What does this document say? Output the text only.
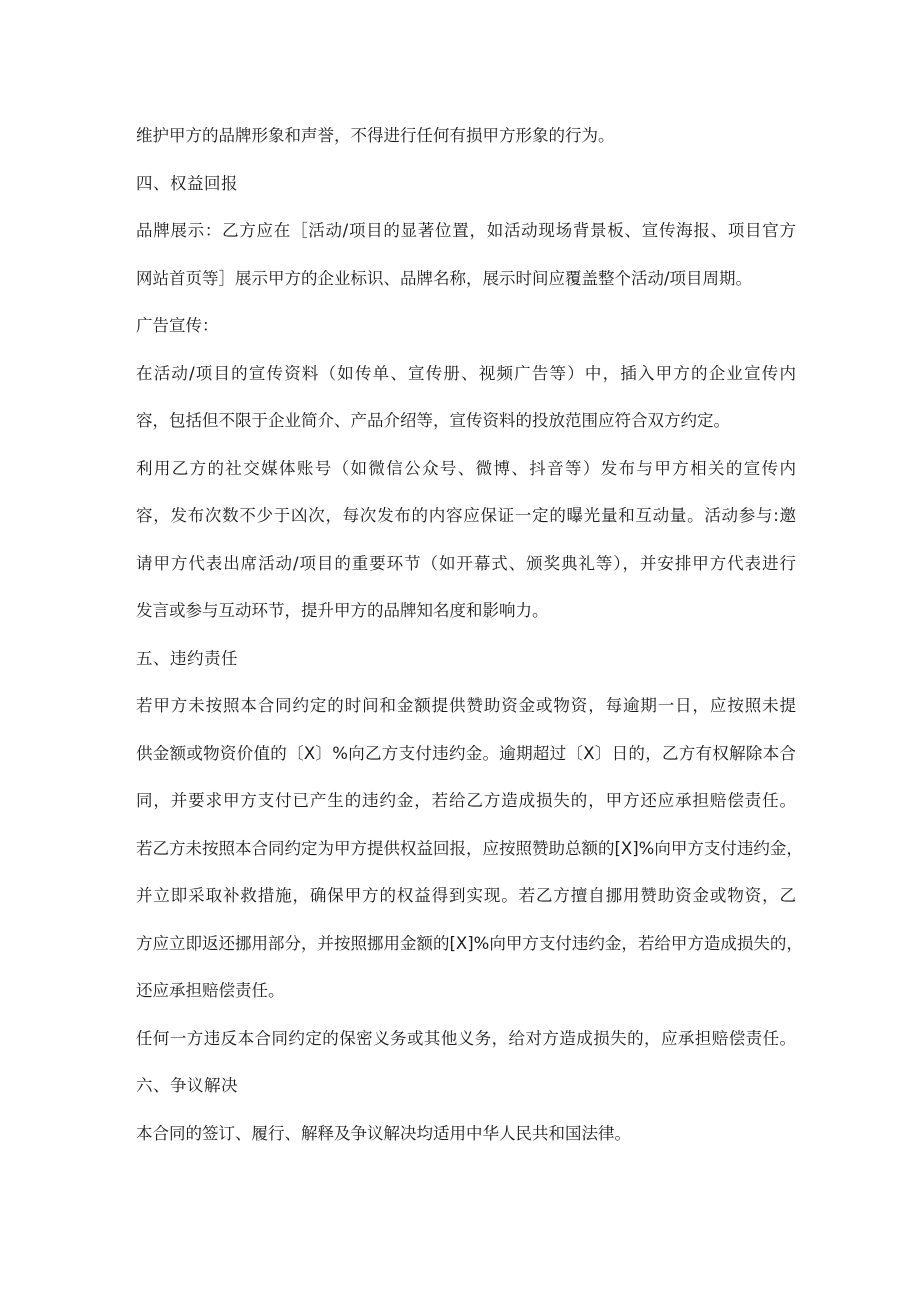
维护甲方的品牌形象和声誉，不得进行任何有损甲方形象的行为。
四、权益回报
品牌展示：乙方应在［活动/项目的显著位置，如活动现场背景板、宣传海报、项目官方
网站首页等］展示甲方的企业标识、品牌名称，展示时间应覆盖整个活动/项目周期。
广告宣传：
在活动/项目的宣传资料（如传单、宣传册、视频广告等）中，插入甲方的企业宣传内
容，包括但不限于企业简介、产品介绍等，宣传资料的投放范围应符合双方约定。
利用乙方的社交媒体账号（如微信公众号、微博、抖音等）发布与甲方相关的宣传内
容，发布次数不少于凶次，每次发布的内容应保证一定的曝光量和互动量。活动参与:邀
请甲方代表出席活动/项目的重要环节（如开幕式、颁奖典礼等），并安排甲方代表进行
发言或参与互动环节，提升甲方的品牌知名度和影响力。
五、违约责任
若甲方未按照本合同约定的时间和金额提供赞助资金或物资，每逾期一日，应按照未提
供金额或物资价值的〔X〕%向乙方支付违约金。逾期超过〔X〕日的，乙方有权解除本合
同，并要求甲方支付已产生的违约金，若给乙方造成损失的，甲方还应承担赔偿责任。
若乙方未按照本合同约定为甲方提供权益回报，应按照赞助总额的[X]%向甲方支付违约金，
并立即采取补救措施，确保甲方的权益得到实现。若乙方擅自挪用赞助资金或物资，乙
方应立即返还挪用部分，并按照挪用金额的[X]%向甲方支付违约金，若给甲方造成损失的，
还应承担赔偿责任。
任何一方违反本合同约定的保密义务或其他义务，给对方造成损失的，应承担赔偿责任。
六、争议解决
本合同的签订、履行、解释及争议解决均适用中华人民共和国法律。
